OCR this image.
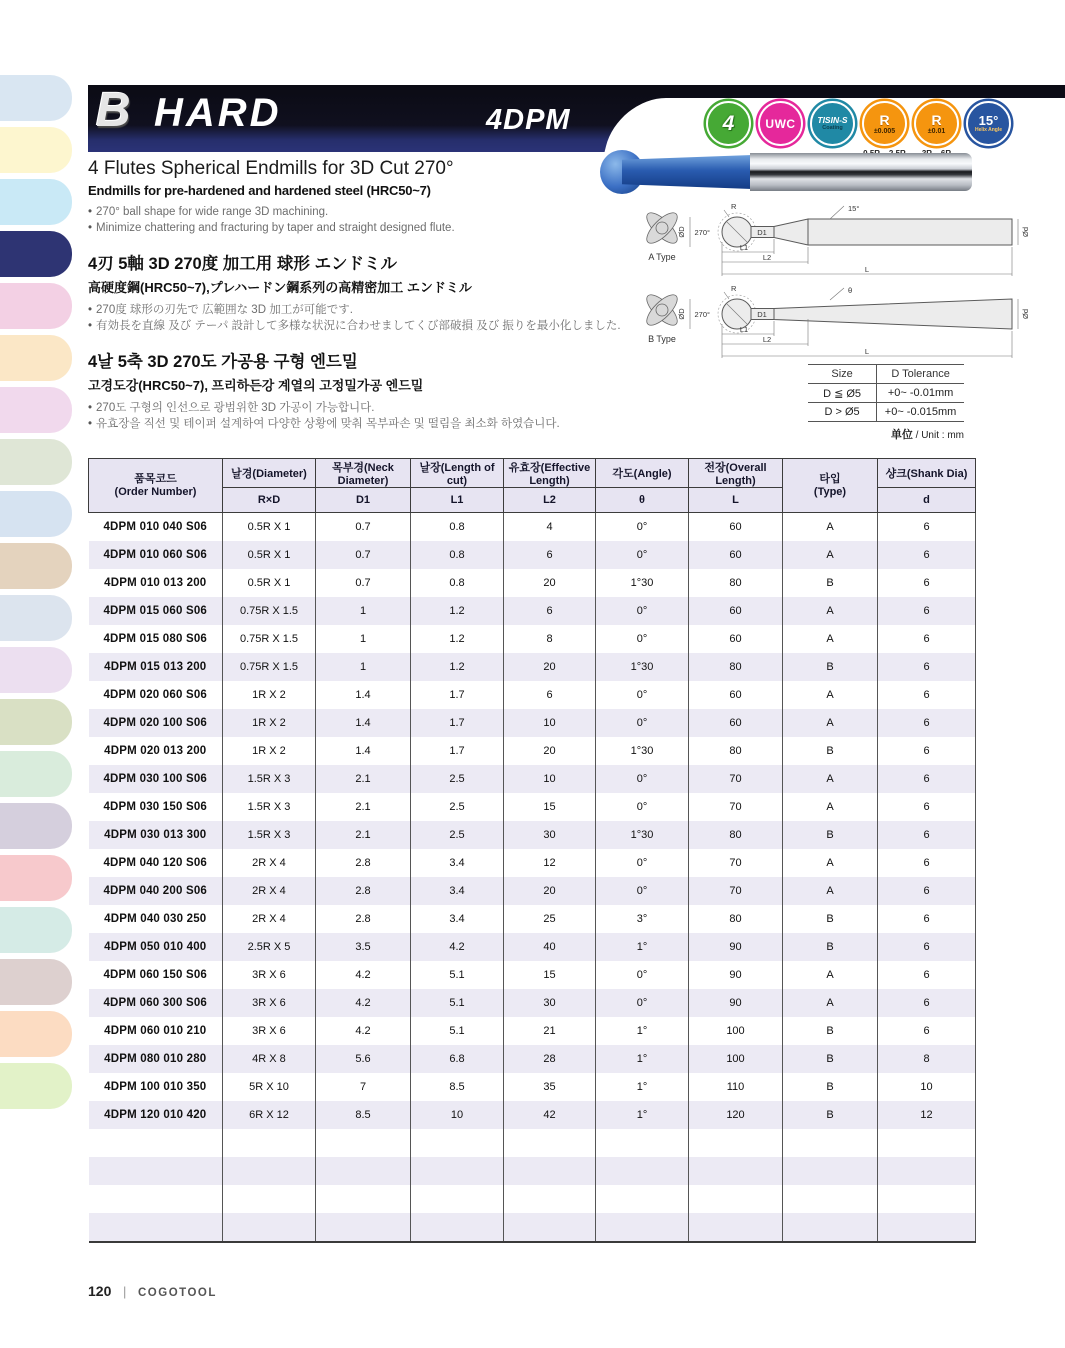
B HARD	4DPM	4
	UWC
	TISIN-S
Coating
	R
±0.005
R
±0.01
15°
Helix Angle

4 Flutes Spherical Endmills for 3D Cut 270°
Endmills for pre-hardened and hardened steel (HRC50~7)
• 270° ball shape for wide range 3D machining.
• Minimize chattering and fracturing by taper and straight designed flute.
4刃 5軸 3D 270度 加工用 球形 エンドミル
高硬度鋼(HRC50~7),プレハードン鋼系列の高精密加工 エンドミル
• 270度 球形の刃先で 広範囲な 3D 加工が可能です.
• 有効長を直線 及び テーパ 設計して多様な状況に合わせましてくび部破損 及び 振りを最小化しました.
4날 5축 3D 270도 가공용 구형 엔드밀
고경도강(HRC50~7), 프리하든강 계열의 고정밀가공 엔드밀
• 270도 구형의 인선으로 광범위한 3D 가공이 가능합니다.
• 유효장을 직선 및 테이퍼 설계하여 다양한 상황에 맞춰 목부파손 및 떨림을 최소화 하였습니다.
A Type
R
270°
ØD	D1
15°
Ød
L1
L2
L
B Type
R
270°
ØD	D1
θ
Ød
L1
L2
L
Size	D Tolerance
D ≦ Ø5	+0~ -0.01mm
D > Ø5	+0~ -0.015mm
单位 / Unit : mm
품목코드
(Order Number)
	날경(Diameter)	목부경(Neck Diameter)	날장(Length of cut)	유효장(Effective Length)	각도(Angle)	전장(Overall Length)	타입
(Type)
	샹크(Shank Dia)
	R×D	D1	L1	L2	θ	L		d
4DPM 010 040 S06	0.5R X 1	0.7	0.8	4	0°	60	A	6
4DPM 010 060 S06	0.5R X 1	0.7	0.8	6	0°	60	A	6
4DPM 010 013 200	0.5R X 1	0.7	0.8	20	1°30	80	B	6
4DPM 015 060 S06	0.75R X 1.5	1	1.2	6	0°	60	A	6
4DPM 015 080 S06	0.75R X 1.5	1	1.2	8	0°	60	A	6
4DPM 015 013 200	0.75R X 1.5	1	1.2	20	1°30	80	B	6
4DPM 020 060 S06	1R X 2	1.4	1.7	6	0°	60	A	6
4DPM 020 100 S06	1R X 2	1.4	1.7	10	0°	60	A	6
4DPM 020 013 200	1R X 2	1.4	1.7	20	1°30	80	B	6
4DPM 030 100 S06	1.5R X 3	2.1	2.5	10	0°	70	A	6
4DPM 030 150 S06	1.5R X 3	2.1	2.5	15	0°	70	A	6
4DPM 030 013 300	1.5R X 3	2.1	2.5	30	1°30	80	B	6
4DPM 040 120 S06	2R X 4	2.8	3.4	12	0°	70	A	6
4DPM 040 200 S06	2R X 4	2.8	3.4	20	0°	70	A	6
4DPM 040 030 250	2R X 4	2.8	3.4	25	3°	80	B	6
4DPM 050 010 400	2.5R X 5	3.5	4.2	40	1°	90	B	6
4DPM 060 150 S06	3R X 6	4.2	5.1	15	0°	90	A	6
4DPM 060 300 S06	3R X 6	4.2	5.1	30	0°	90	A	6
4DPM 060 010 210	3R X 6	4.2	5.1	21	1°	100	B	6
4DPM 080 010 280	4R X 8	5.6	6.8	28	1°	100	B	8
4DPM 100 010 350	5R X 10	7	8.5	35	1°	110	B	10
4DPM 120 010 420	6R X 12	8.5	10	42	1°	120	B	12

120 | COGOTOOL
